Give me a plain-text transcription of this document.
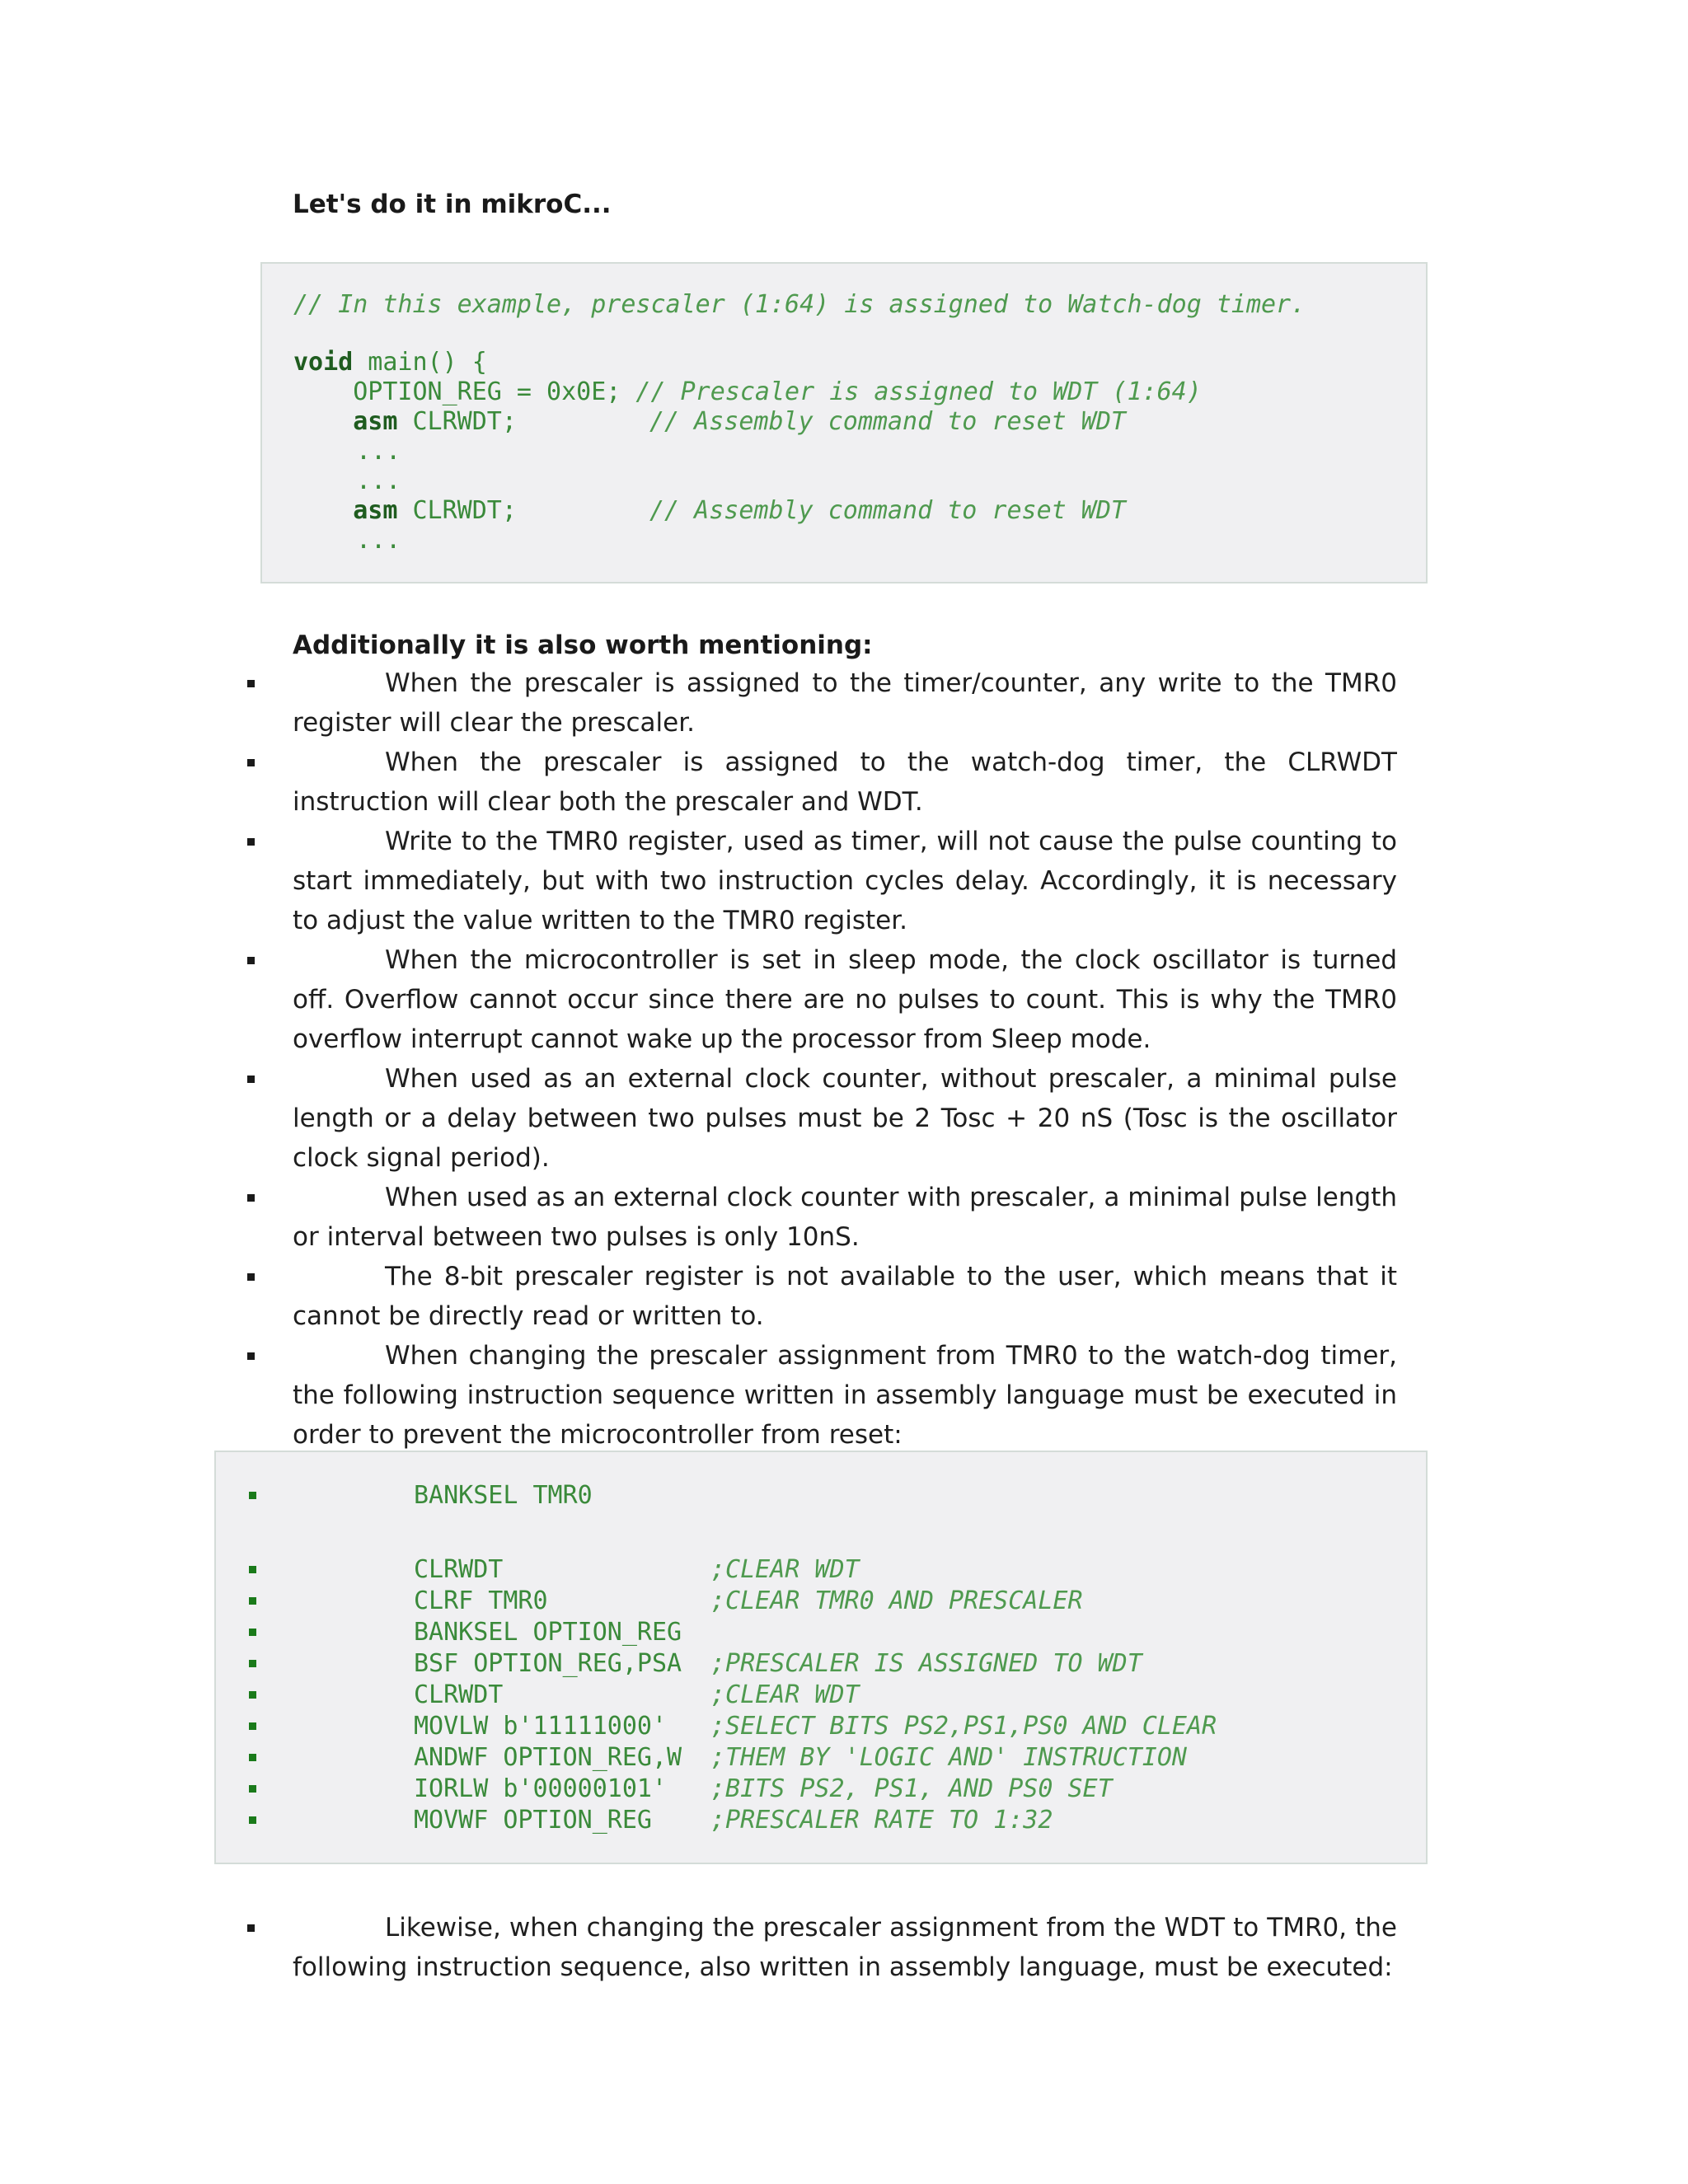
Let's do it in mikroC...
// In this example, prescaler (1:64) is assigned to Watch-dog timer.
void main() {
OPTION_REG = 0x0E; // Prescaler is assigned to WDT (1:64)
asm CLRWDT;	// Assembly command to reset WDT
...
...
asm CLRWDT;	// Assembly command to reset WDT
...
Additionally it is also worth mentioning:
When the prescaler is assigned to the timer/counter, any write to the TMR0 register will clear the prescaler.
When the prescaler is assigned to the watch-dog timer, the CLRWDT instruction will clear both the prescaler and WDT.
Write to the TMR0 register, used as timer, will not cause the pulse counting to start immediately, but with two instruction cycles delay. Accordingly, it is necessary to adjust the value written to the TMR0 register.
When the microcontroller is set in sleep mode, the clock oscillator is turned off. Overflow cannot occur since there are no pulses to count. This is why the TMR0 overflow interrupt cannot wake up the processor from Sleep mode.
When used as an external clock counter, without prescaler, a minimal pulse length or a delay between two pulses must be 2 Tosc + 20 nS (Tosc is the oscillator clock signal period).
When used as an external clock counter with prescaler, a minimal pulse length or interval between two pulses is only 10nS.
The 8-bit prescaler register is not available to the user, which means that it cannot be directly read or written to.
When changing the prescaler assignment from TMR0 to the watch-dog timer, the following instruction sequence written in assembly language must be executed in order to prevent the microcontroller from reset:
BANKSEL TMR0
CLRWDT	;CLEAR WDT
CLRF TMR0	;CLEAR TMR0 AND PRESCALER
BANKSEL OPTION_REG
BSF OPTION_REG,PSA ;PRESCALER IS ASSIGNED TO WDT
CLRWDT	;CLEAR WDT
MOVLW b'11111000' ;SELECT BITS PS2,PS1,PS0 AND CLEAR
ANDWF OPTION_REG,W ;THEM BY 'LOGIC AND' INSTRUCTION
IORLW b'00000101' ;BITS PS2, PS1, AND PS0 SET
MOVWF OPTION_REG ;PRESCALER RATE TO 1:32
Likewise, when changing the prescaler assignment from the WDT to TMR0, the following instruction sequence, also written in assembly language, must be executed:
